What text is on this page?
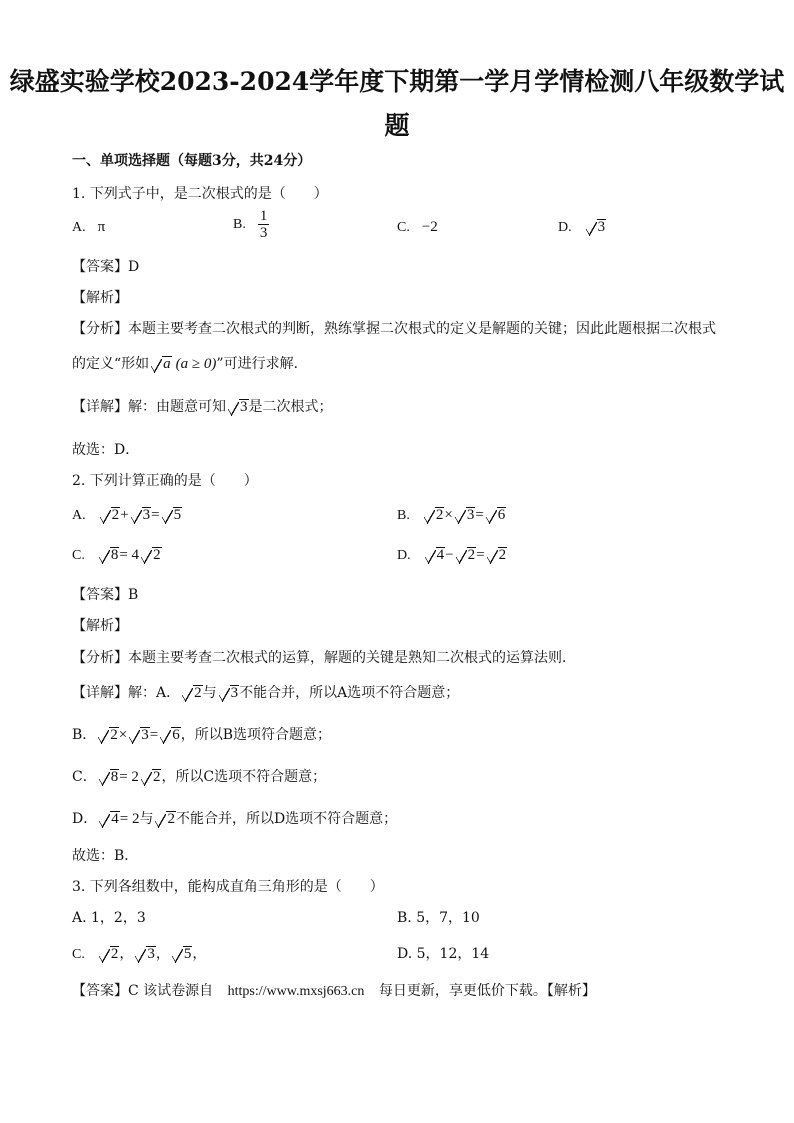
绿盛实验学校2023-2024学年度下期第一学月学情检测八年级数学试
题
一、单项选择题（每题3分，共24分）
1. 下列式子中，是二次根式的是（　　）
A. π	B. $\frac{1}{3}$	C. −2	D. 3
【答案】D
【解析】
【分析】本题主要考查二次根式的判断，熟练掌握二次根式的定义是解题的关键；因此此题根据二次根式
的定义“形如 a (a ≥ 0)”可进行求解．
【详解】解：由题意可知 3是二次根式；
故选：D．
2. 下列计算正确的是（　　）
A. 2+ 3= 5	B. 2× 3= 6
C. 8= 4 2	D. 4− 2= 2
【答案】B
【解析】
【分析】本题主要考查二次根式的运算，解题的关键是熟知二次根式的运算法则．
【详解】解：A． 2与 3不能合并，所以A选项不符合题意；
B． 2× 3= 6，所以B选项符合题意；
C． 8= 2 2，所以C选项不符合题意；
D． 4= 2与 2不能合并，所以D选项不符合题意；
故选：B．
3. 下列各组数中，能构成直角三角形的是（　　）
A. 1，2，3	B. 5，7，10
C. 2， 3， 5，	D. 5，12，14
【答案】C 该试卷源自 https://www.mxsj663.cn 每日更新，享更低价下载。【解析】
